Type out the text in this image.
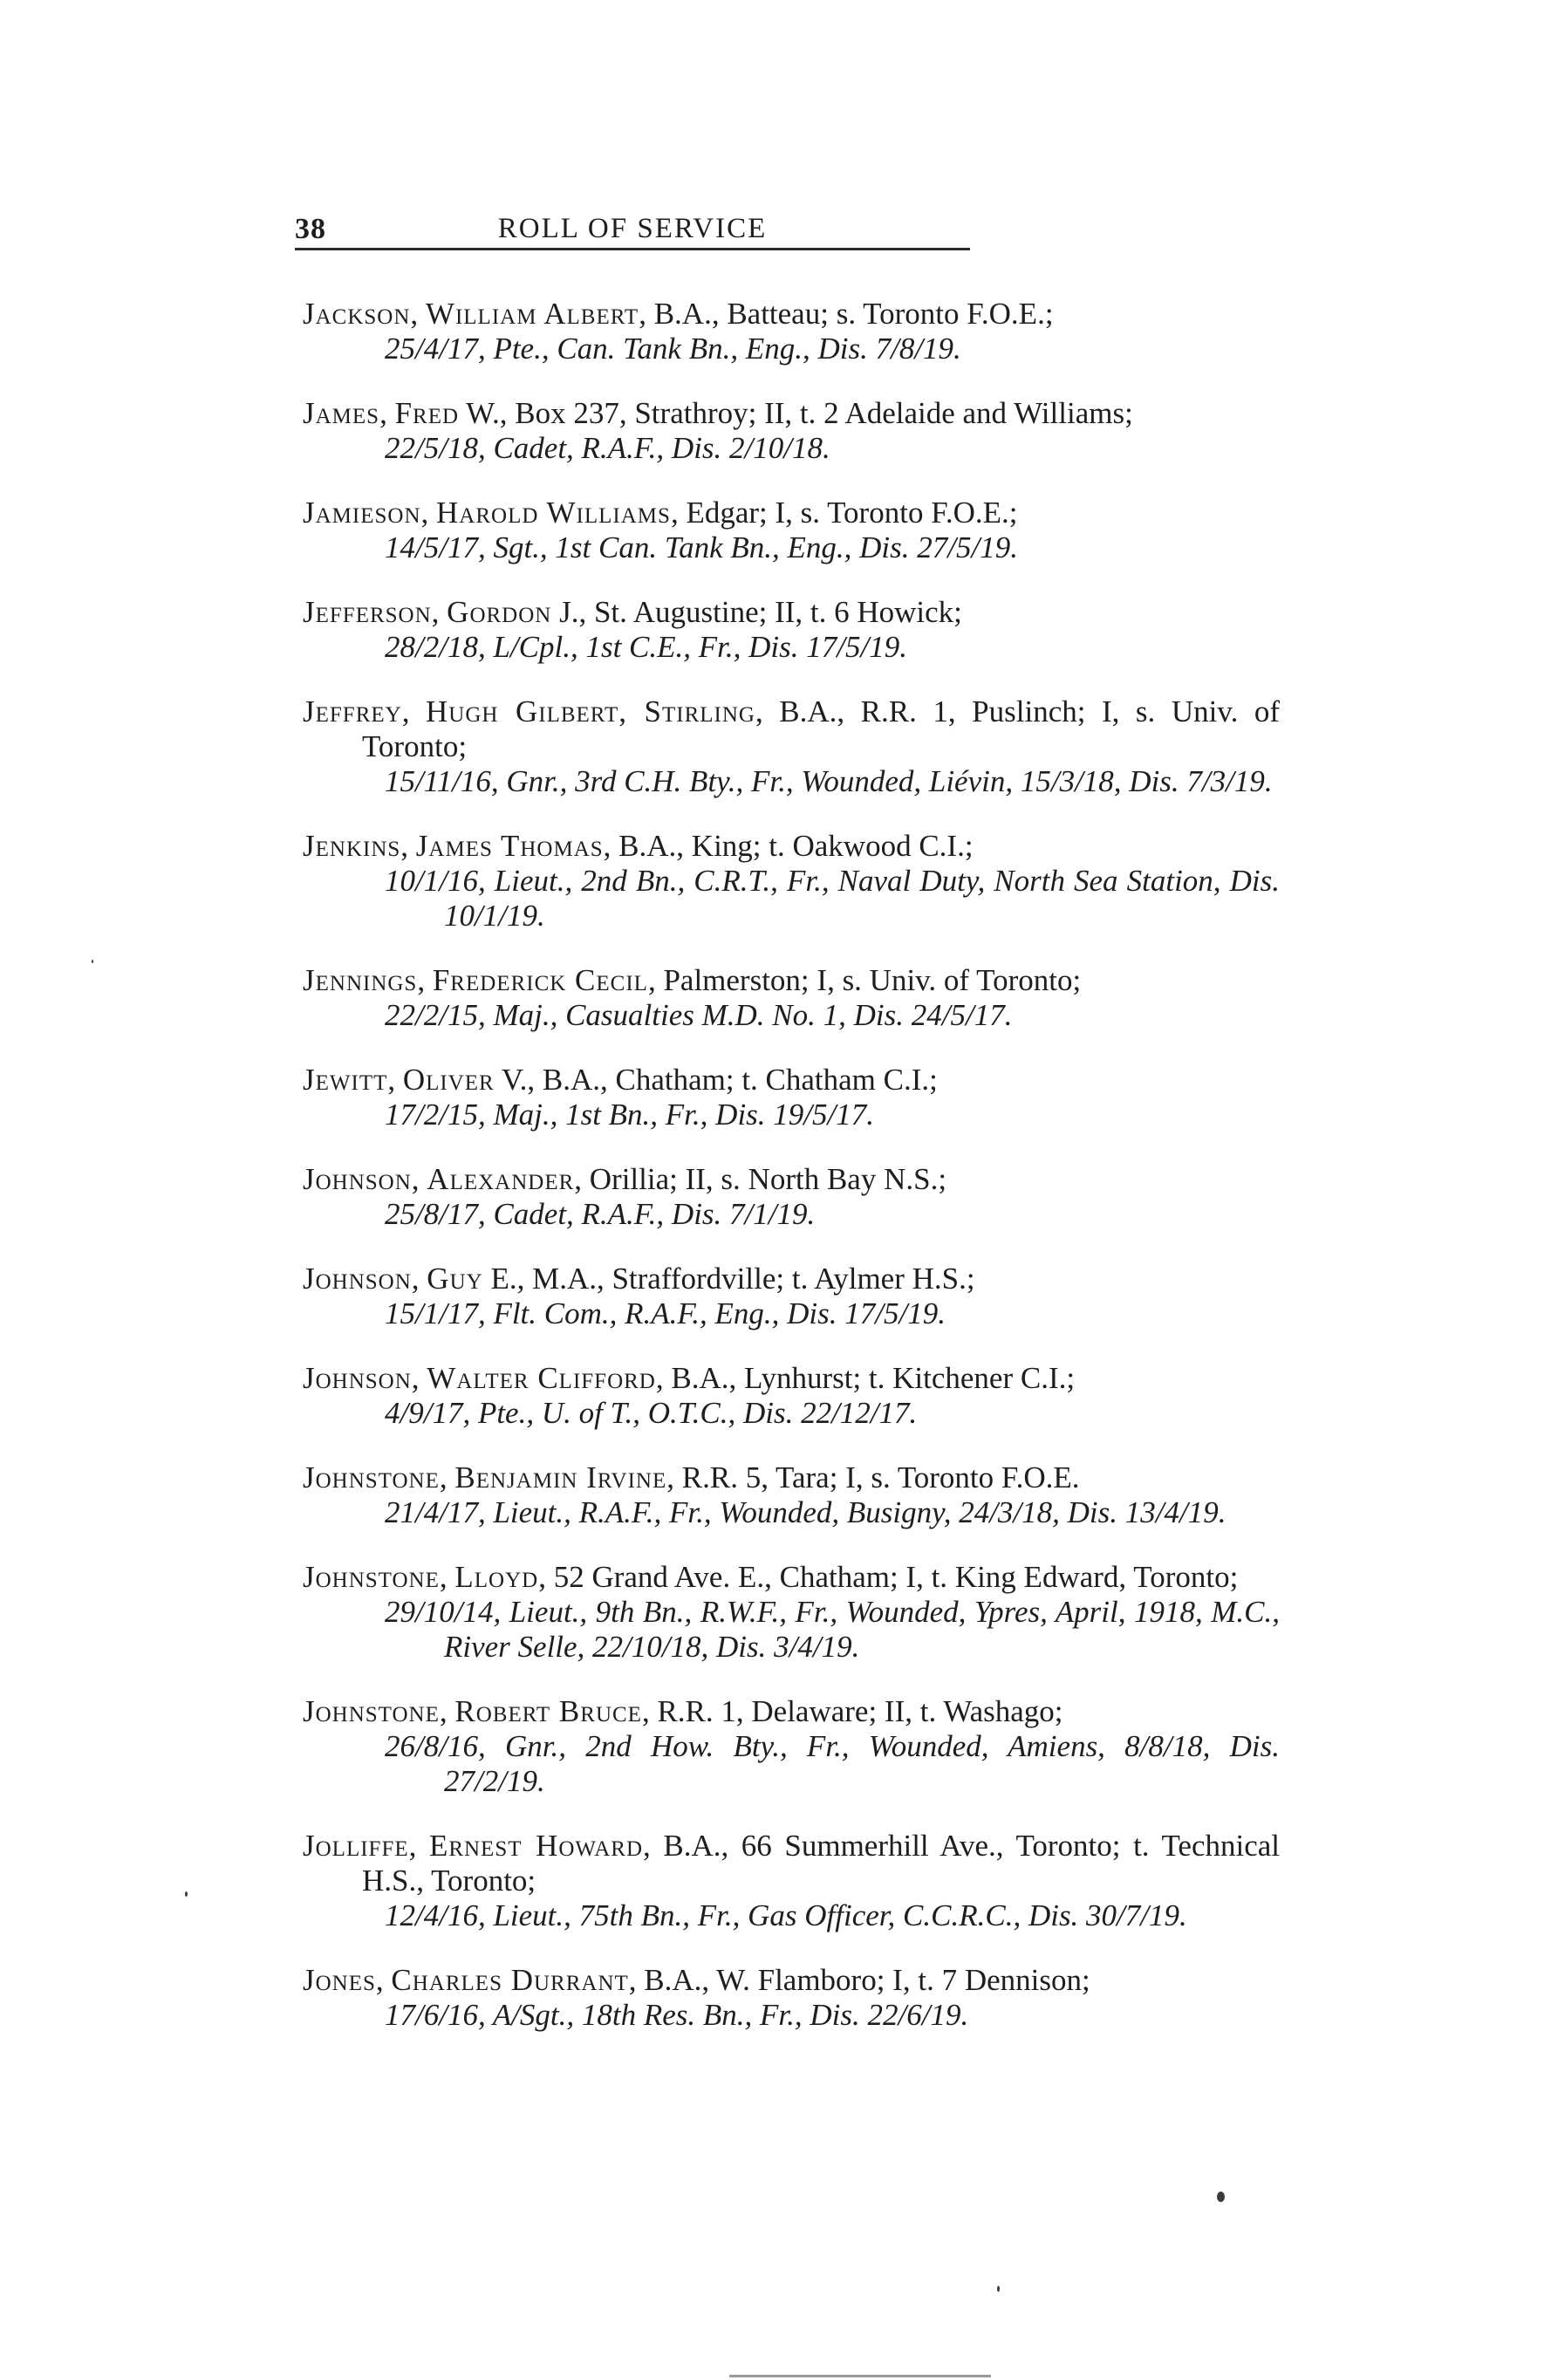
38	ROLL OF SERVICE

Jackson, William Albert, B.A., Batteau; s. Toronto F.O.E.;

25/4/17, Pte., Can. Tank Bn., Eng., Dis. 7/8/19.

James, Fred W., Box 237, Strathroy; II, t. 2 Adelaide and Williams;

22/5/18, Cadet, R.A.F., Dis. 2/10/18.

Jamieson, Harold Williams, Edgar; I, s. Toronto F.O.E.;

14/5/17, Sgt., 1st Can. Tank Bn., Eng., Dis. 27/5/19.

Jefferson, Gordon J., St. Augustine; II, t. 6 Howick;

28/2/18, L/Cpl., 1st C.E., Fr., Dis. 17/5/19.

Jeffrey, Hugh Gilbert, Stirling, B.A., R.R. 1, Puslinch; I, s. Univ. of Toronto;

15/11/16, Gnr., 3rd C.H. Bty., Fr., Wounded, Liévin, 15/3/18, Dis. 7/3/19.

Jenkins, James Thomas, B.A., King; t. Oakwood C.I.;

10/1/16, Lieut., 2nd Bn., C.R.T., Fr., Naval Duty, North Sea Station, Dis. 10/1/19.

Jennings, Frederick Cecil, Palmerston; I, s. Univ. of Toronto;

22/2/15, Maj., Casualties M.D. No. 1, Dis. 24/5/17.

Jewitt, Oliver V., B.A., Chatham; t. Chatham C.I.;

17/2/15, Maj., 1st Bn., Fr., Dis. 19/5/17.

Johnson, Alexander, Orillia; II, s. North Bay N.S.;

25/8/17, Cadet, R.A.F., Dis. 7/1/19.

Johnson, Guy E., M.A., Straffordville; t. Aylmer H.S.;

15/1/17, Flt. Com., R.A.F., Eng., Dis. 17/5/19.

Johnson, Walter Clifford, B.A., Lynhurst; t. Kitchener C.I.;

4/9/17, Pte., U. of T., O.T.C., Dis. 22/12/17.

Johnstone, Benjamin Irvine, R.R. 5, Tara; I, s. Toronto F.O.E.

21/4/17, Lieut., R.A.F., Fr., Wounded, Busigny, 24/3/18, Dis. 13/4/19.

Johnstone, Lloyd, 52 Grand Ave. E., Chatham; I, t. King Edward, Toronto;

29/10/14, Lieut., 9th Bn., R.W.F., Fr., Wounded, Ypres, April, 1918, M.C., River Selle, 22/10/18, Dis. 3/4/19.

Johnstone, Robert Bruce, R.R. 1, Delaware; II, t. Washago;

26/8/16, Gnr., 2nd How. Bty., Fr., Wounded, Amiens, 8/8/18, Dis. 27/2/19.

Jolliffe, Ernest Howard, B.A., 66 Summerhill Ave., Toronto; t. Technical H.S., Toronto;

12/4/16, Lieut., 75th Bn., Fr., Gas Officer, C.C.R.C., Dis. 30/7/19.

Jones, Charles Durrant, B.A., W. Flamboro; I, t. 7 Dennison;

17/6/16, A/Sgt., 18th Res. Bn., Fr., Dis. 22/6/19.
